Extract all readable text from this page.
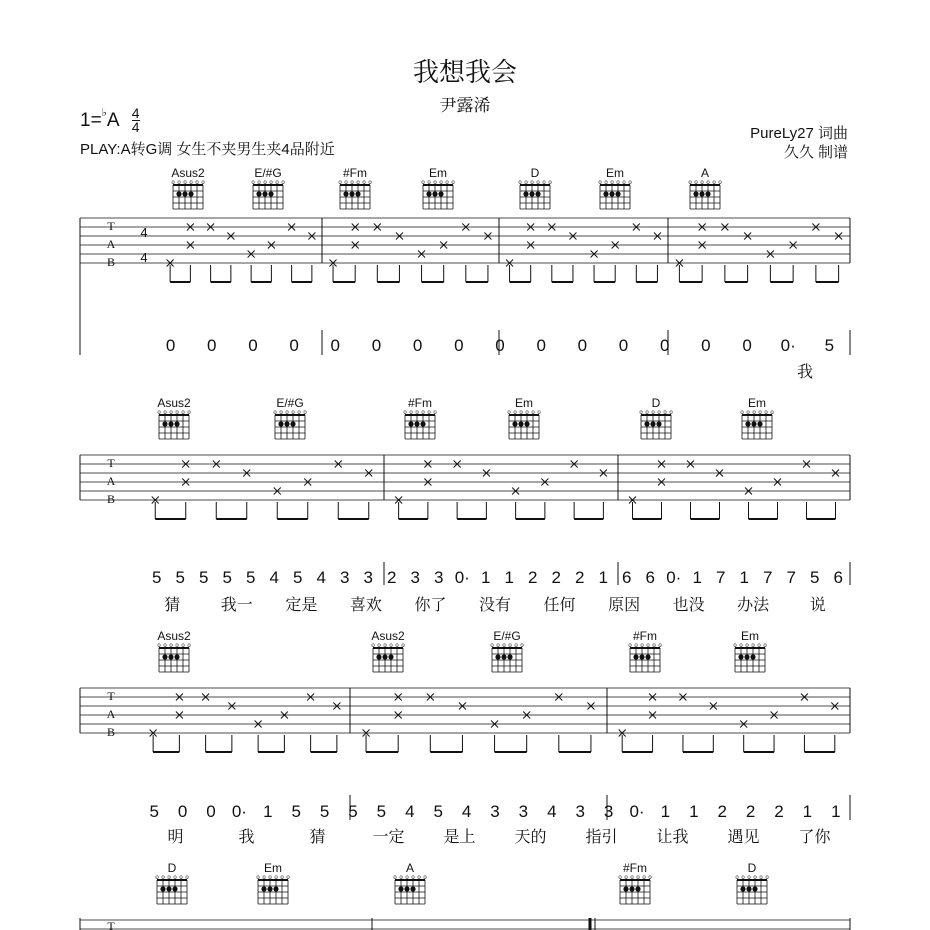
我想我会
尹露浠
$1=^♭A \frac{4}{4}$
PLAY:A转G调 女生不夹男生夹4品附近
PureLy27 词曲
久久 制谱
Asus2
o o o o o o
E/#G
o o o o o o
#Fm
o o o o o o
Em
o o o o o o
D
o o o o o o
Em
o o o o o o
A
o o o o o o
T
A
B
4
4
0 0 0 0 0 0 0 0 0 0 0 0 0 0 0 0· 5
我
Asus2
o o o o o o
E/#G
o o o o o o
#Fm
o o o o o o
Em
o o o o o o
D
o o o o o o
Em
o o o o o o
T
A
B
5 5 5 5 5 4 5 4 3 3 2 3 3 0· 1 1 2 2 2 1 6 6 0· 1 7 1 7 7 5 6
猜	我一 定是 喜欢 你了 没有 任何 原因 也没 办法	说
Asus2
o o o o o o
Asus2
o o o o o o
E/#G
o o o o o o
#Fm
o o o o o o
Em
o o o o o o
T
A
B
5 0 0 0· 1 5 5 5 5 4 5 4 3 3 4 3 3 0· 1 1 2 2 2 1 1
明	我	猜	一定 是上 天的 指引 让我 遇见 了你
D
o o o o o o
Em
o o o o o o
A
o o o o o o
#Fm
o o o o o o
D
o o o o o o
T
